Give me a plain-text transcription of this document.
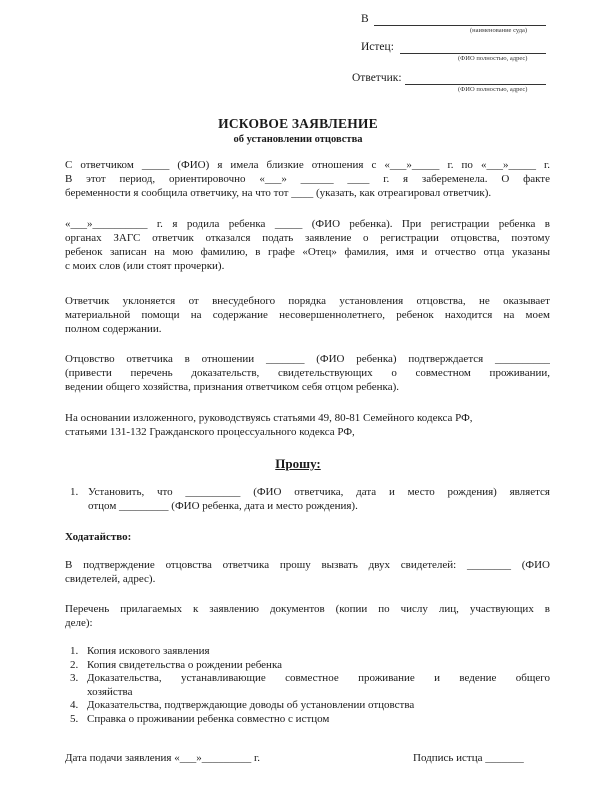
В
(наименование суда)
Истец:
(ФИО полностью, адрес)
Ответчик:
(ФИО полностью, адрес)
ИСКОВОЕ ЗАЯВЛЕНИЕ
об установлении отцовства
С ответчиком _____ (ФИО) я имела близкие отношения с «___»_____ г. по «___»_____ г.
В этот период, ориентировочно «___» ______ ____ г. я забеременела. О факте
беременности я сообщила ответчику, на что тот ____ (указать, как отреагировал ответчик).
«___»__________ г. я родила ребенка _____ (ФИО ребенка). При регистрации ребенка в
органах ЗАГС ответчик отказался подать заявление о регистрации отцовства, поэтому
ребенок записан на мою фамилию, в графе «Отец» фамилия, имя и отчество отца указаны
с моих слов (или стоят прочерки).
Ответчик уклоняется от внесудебного порядка установления отцовства, не оказывает
материальной помощи на содержание несовершеннолетнего, ребенок находится на моем
полном содержании.
Отцовство ответчика в отношении _______ (ФИО ребенка) подтверждается __________
(привести перечень доказательств, свидетельствующих о совместном проживании,
ведении общего хозяйства, признания ответчиком себя отцом ребенка).
На основании изложенного, руководствуясь статьями 49, 80-81 Семейного кодекса РФ,
статьями 131-132 Гражданского процессуального кодекса РФ,
Прошу:
1. Установить, что __________ (ФИО ответчика, дата и место рождения) является
отцом _________ (ФИО ребенка, дата и место рождения).
Ходатайство:
В подтверждение отцовства ответчика прошу вызвать двух свидетелей: ________ (ФИО
свидетелей, адрес).
Перечень прилагаемых к заявлению документов (копии по числу лиц, участвующих в
деле):
1. Копия искового заявления
2. Копия свидетельства о рождении ребенка
3. Доказательства, устанавливающие совместное проживание и ведение общего
хозяйства
4. Доказательства, подтверждающие доводы об установлении отцовства
5. Справка о проживании ребенка совместно с истцом
Дата подачи заявления «___»_________ г.	Подпись истца _______
